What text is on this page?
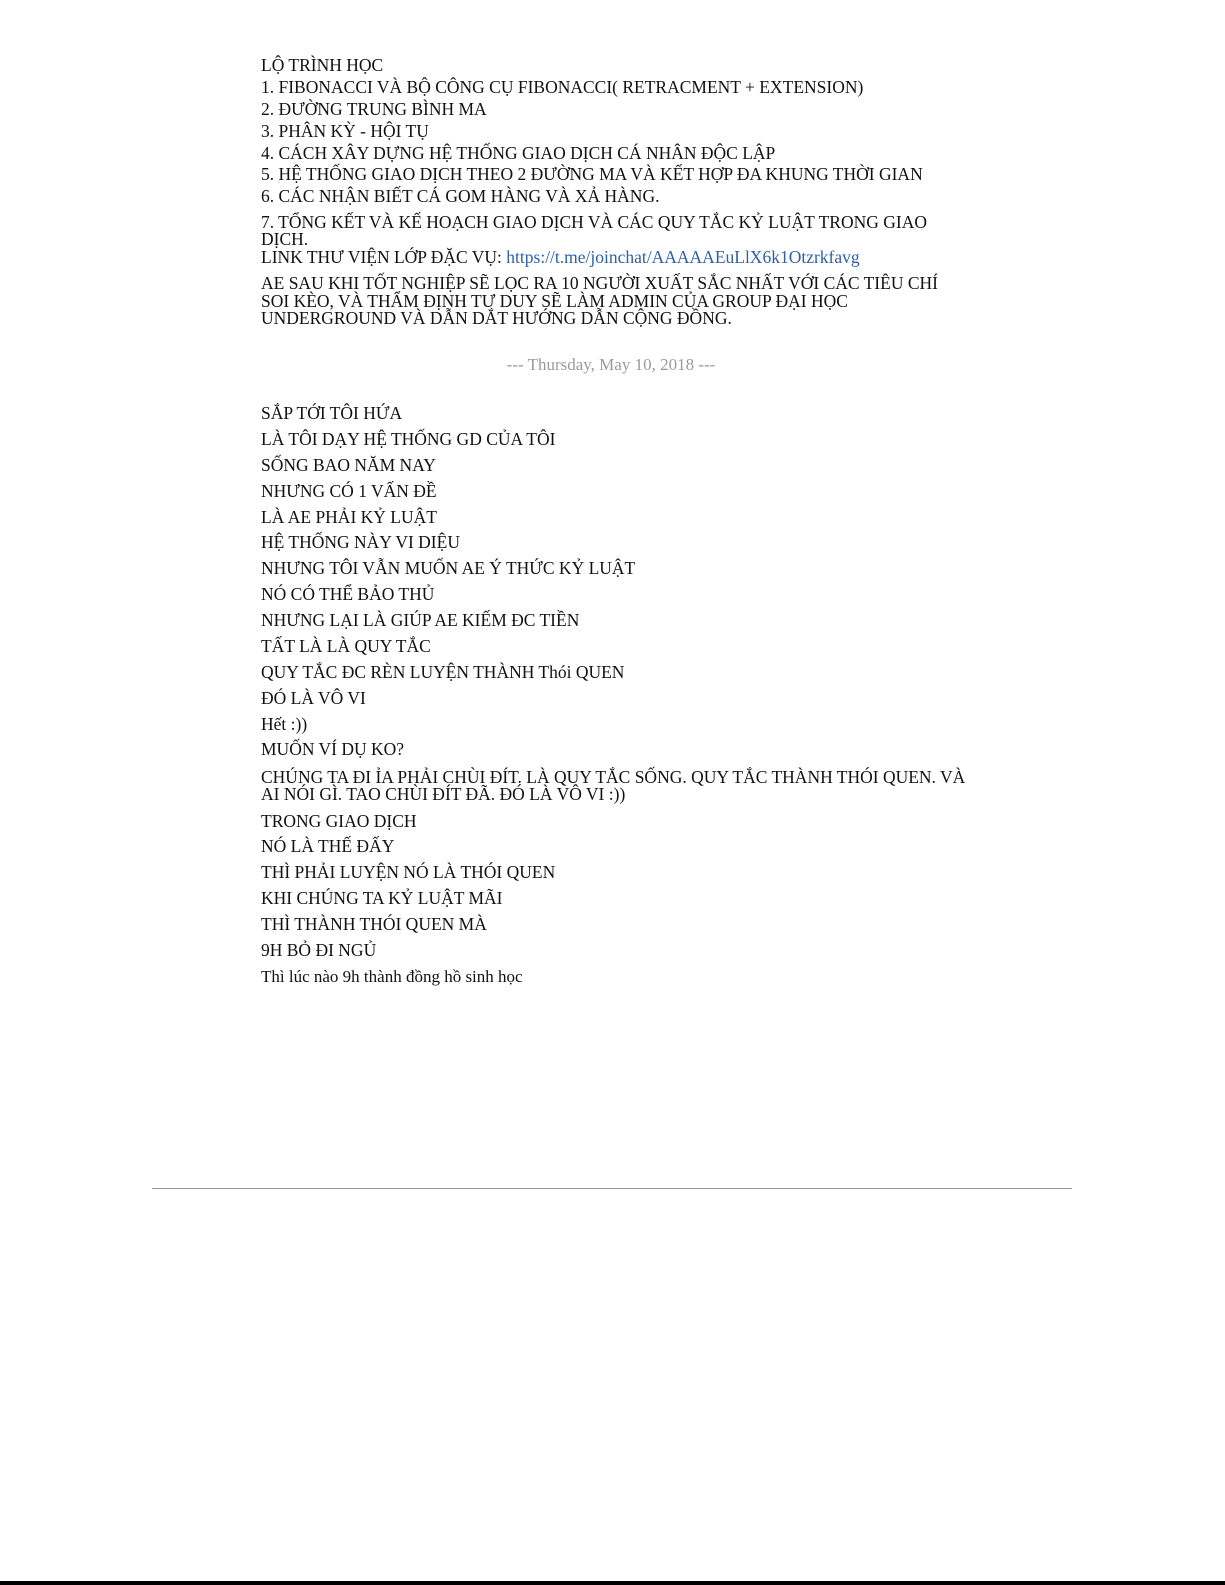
LỘ TRÌNH HỌC
1. FIBONACCI VÀ BỘ CÔNG CỤ FIBONACCI( RETRACMENT + EXTENSION)
2. ĐƯỜNG TRUNG BÌNH MA
3. PHÂN KỲ - HỘI TỤ
4. CÁCH XÂY DỰNG HỆ THỐNG GIAO DỊCH CÁ NHÂN ĐỘC LẬP
5. HỆ THỐNG GIAO DỊCH THEO 2 ĐƯỜNG MA VÀ KẾT HỢP ĐA KHUNG THỜI GIAN
6. CÁC NHẬN BIẾT CÁ GOM HÀNG VÀ XẢ HÀNG.
7. TỔNG KẾT VÀ KẾ HOẠCH GIAO DỊCH VÀ CÁC QUY TẮC KỶ LUẬT TRONG GIAO DỊCH.
LINK THƯ VIỆN LỚP ĐẶC VỤ: https://t.me/joinchat/AAAAAEuLlX6k1Otzrkfavg
AE SAU KHI TỐT NGHIỆP SẼ LỌC RA 10 NGƯỜI XUẤT SẮC NHẤT VỚI CÁC TIÊU CHÍ SOI KÈO, VÀ THẨM ĐỊNH TƯ DUY SẼ LÀM ADMIN CỦA GROUP ĐẠI HỌC UNDERGROUND VÀ DẪN DẮT HƯỚNG DẪN CỘNG ĐỒNG.
--- Thursday, May 10, 2018 ---
SẮP TỚI TÔI HỨA
LÀ TÔI DẠY HỆ THỐNG GD CỦA TÔI
SỐNG BAO NĂM NAY
NHƯNG CÓ 1 VẤN ĐỀ
LÀ AE PHẢI KỶ LUẬT
HỆ THỐNG NÀY VI DIỆU
NHƯNG TÔI VẪN MUỐN AE Ý THỨC KỶ LUẬT
NÓ CÓ THỂ BẢO THỦ
NHƯNG LẠI LÀ GIÚP AE KIẾM ĐC TIỀN
TẤT LÀ LÀ QUY TẮC
QUY TẮC ĐC RÈN LUYỆN THÀNH Thói QUEN
ĐÓ LÀ VÔ VI
Hết :))
MUỐN VÍ DỤ KO?
CHÚNG TA ĐI ỈA PHẢI CHÙI ĐÍT. LÀ QUY TẮC SỐNG. QUY TẮC THÀNH THÓI QUEN. VÀ AI NÓI GÌ. TAO CHÙI ĐÍT ĐÃ. ĐÓ LÀ VÔ VI :))
TRONG GIAO DỊCH
NÓ LÀ THẾ ĐẤY
THÌ PHẢI LUYỆN NÓ LÀ THÓI QUEN
KHI CHÚNG TA KỶ LUẬT MÃI
THÌ THÀNH THÓI QUEN MÀ
9H BỎ ĐI NGỦ
Thì lúc nào 9h thành đồng hồ sinh học
